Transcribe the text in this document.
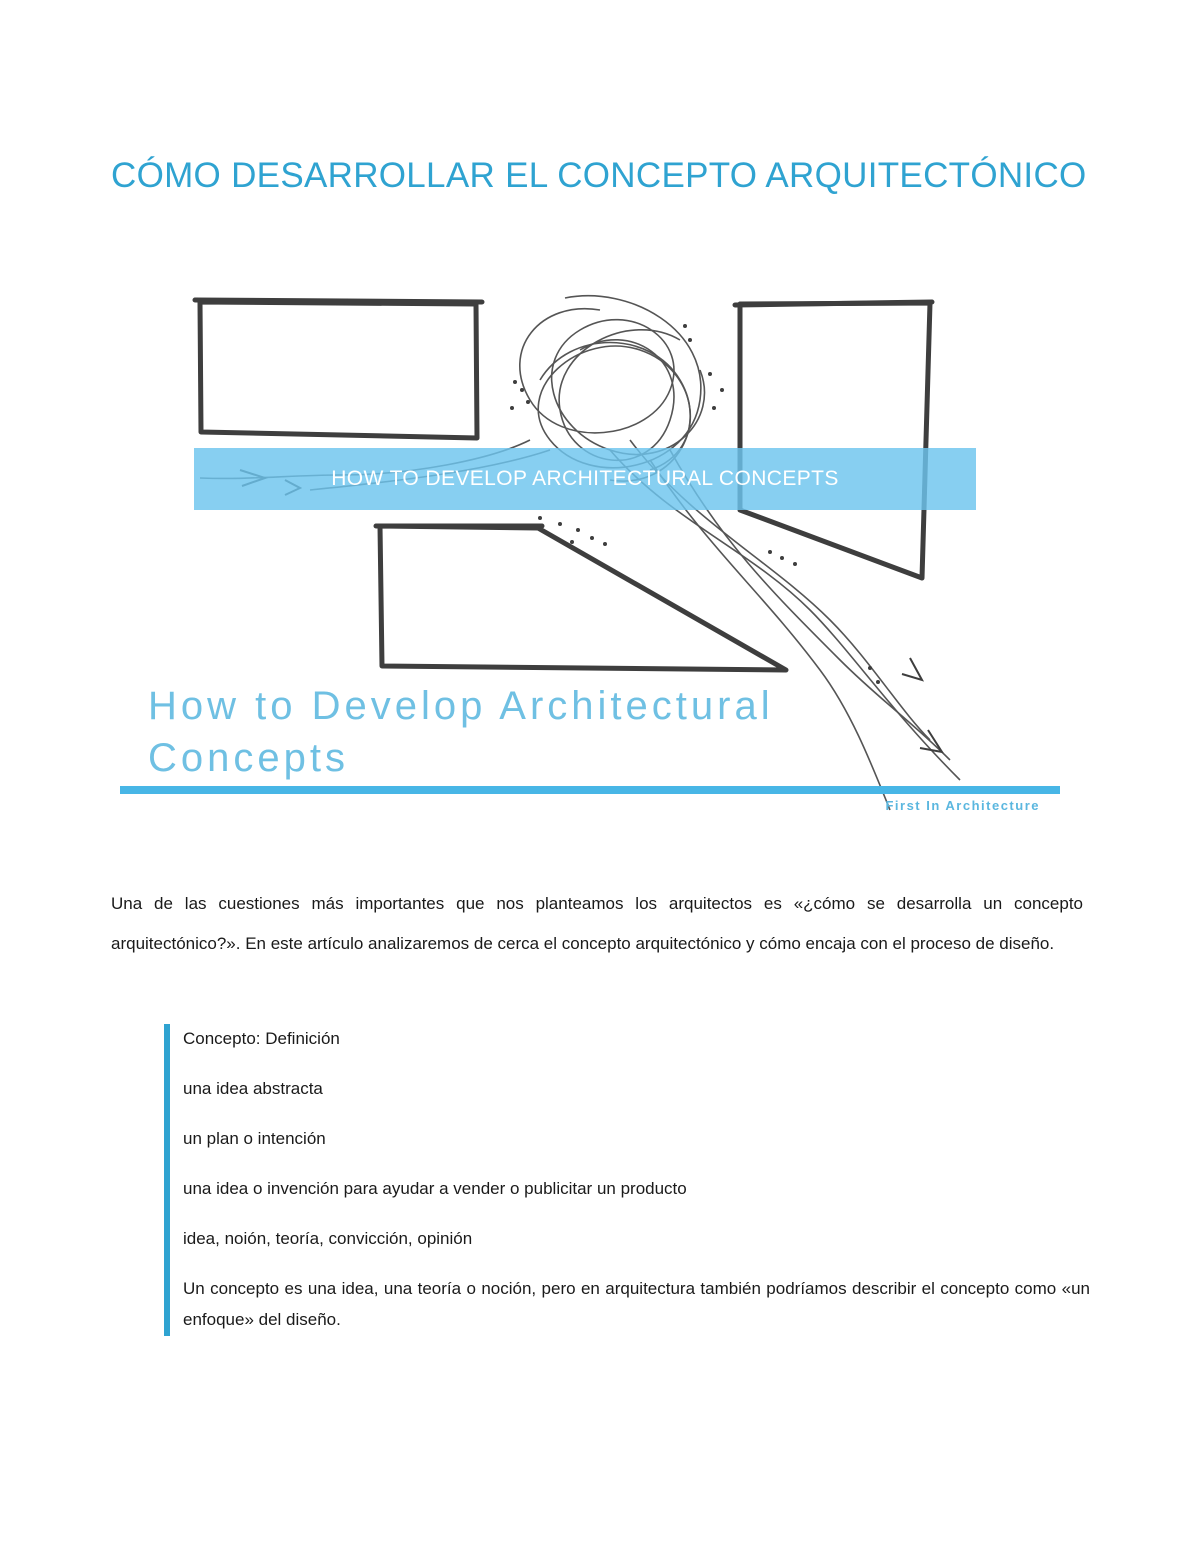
CÓMO DESARROLLAR EL CONCEPTO ARQUITECTÓNICO
HOW TO DEVELOP ARCHITECTURAL CONCEPTS
How to Develop Architectural
Concepts
First In Architecture

Una de las cuestiones más importantes que nos planteamos los arquitectos es «¿cómo se desarrolla un concepto arquitectónico?». En este artículo analizaremos de cerca el concepto arquitectónico y cómo encaja con el proceso de diseño.

Concepto: Definición

una idea abstracta

un plan o intención

una idea o invención para ayudar a vender o publicitar un producto

idea, noión, teoría, convicción, opinión

Un concepto es una idea, una teoría o noción, pero en arquitectura también podríamos describir el concepto como «un enfoque» del diseño.
